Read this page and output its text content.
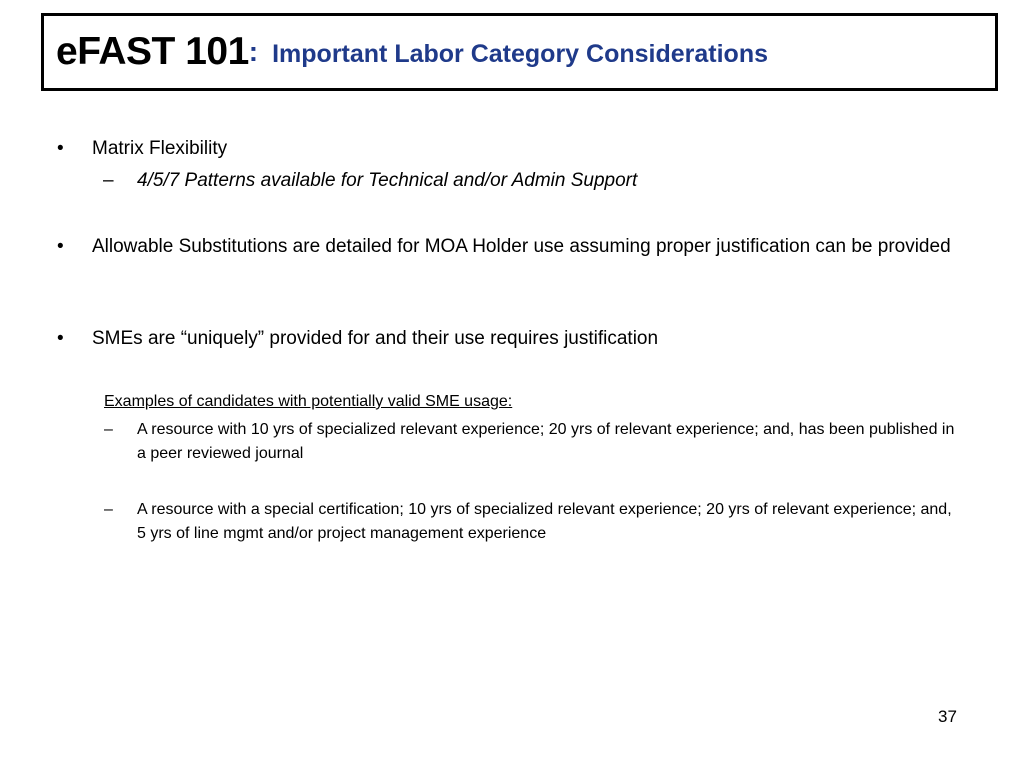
eFAST 101 : Important Labor Category Considerations
• Matrix Flexibility
– 4/5/7 Patterns available for Technical and/or Admin Support
• Allowable Substitutions are detailed for MOA Holder use assuming proper justification can be provided
• SMEs are “uniquely” provided for and their use requires justification
Examples of candidates with potentially valid SME usage:
– A resource with 10 yrs of specialized relevant experience; 20 yrs of relevant experience; and, has been published in a peer reviewed journal
– A resource with a special certification; 10 yrs of specialized relevant experience; 20 yrs of relevant experience; and, 5 yrs of line mgmt and/or project management experience
37
